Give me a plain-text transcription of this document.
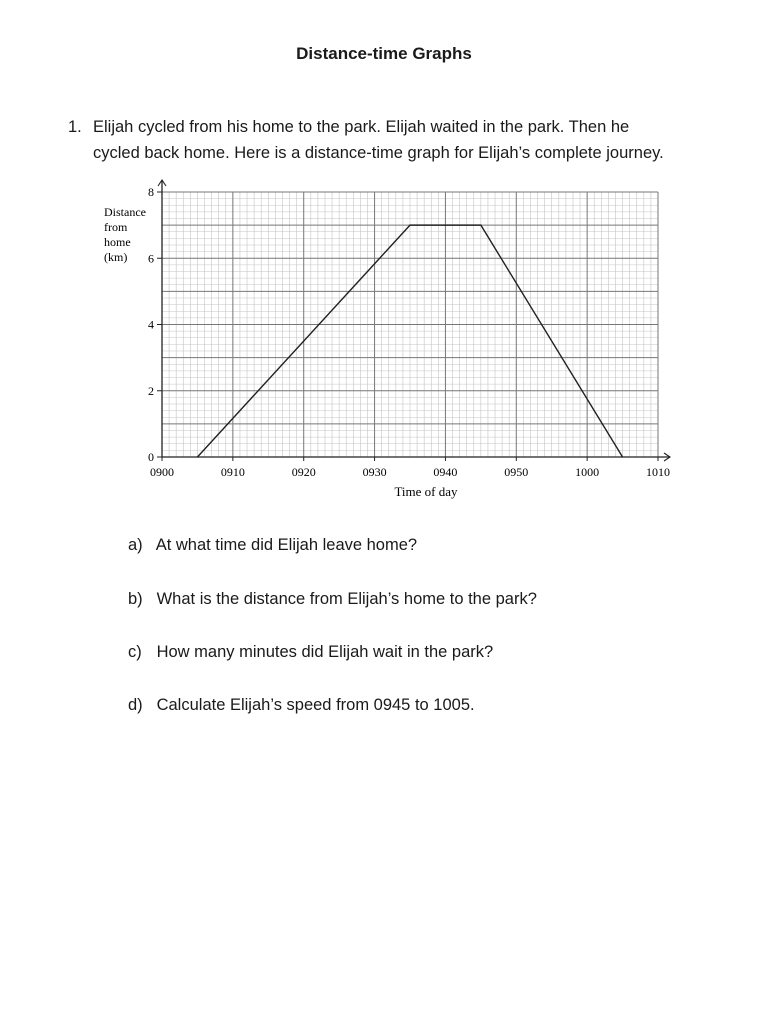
Distance-time Graphs
1. Elijah cycled from his home to the park. Elijah waited in the park. Then he
cycled back home. Here is a distance-time graph for Elijah’s complete journey.
0900	0910	0920	0930	0940	0950	1000	1010
0
2
4
6
8
Distance
from
home
(km)
Time of day
a) At what time did Elijah leave home?
b) What is the distance from Elijah’s home to the park?
c) How many minutes did Elijah wait in the park?
d) Calculate Elijah’s speed from 0945 to 1005.
